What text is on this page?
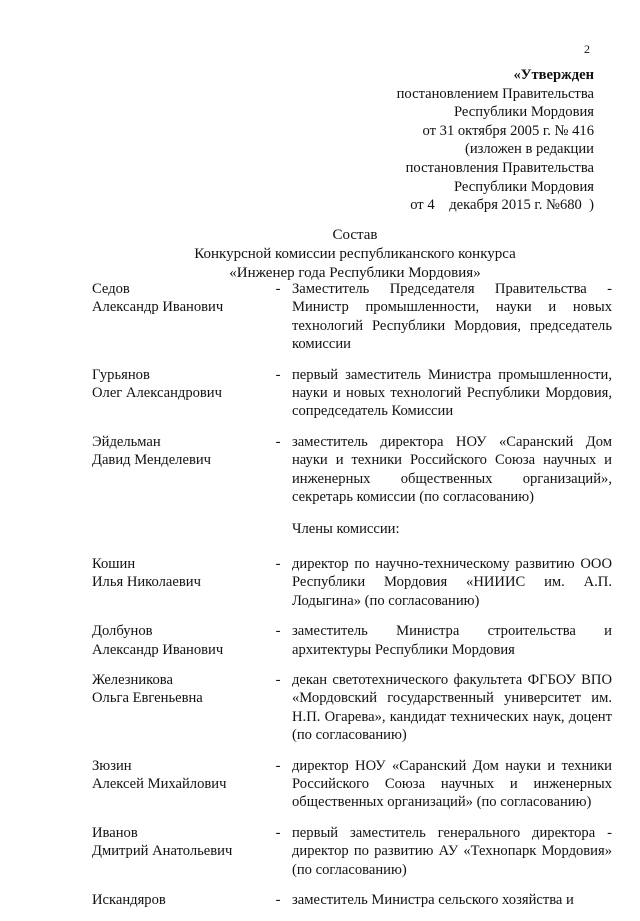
2
«Утвержден
постановлением Правительства
Республики Мордовия
от 31 октября 2005 г. № 416
(изложен в редакции
постановления Правительства
Республики Мордовия
от 4    декабря 2015 г. №680  )
Состав
Конкурсной комиссии республиканского конкурса
«Инженер года Республики Мордовия»
Седов
Александр Иванович
- Заместитель Председателя Правительства - Министр промышленности, науки и новых технологий Республики Мордовия, председатель комиссии
Гурьянов
Олег Александрович
- первый заместитель Министра промышленности, науки и новых технологий Республики Мордовия, сопредседатель Комиссии
Эйдельман
Давид Менделевич
- заместитель директора НОУ «Саранский Дом науки и техники Российского Союза научных и инженерных общественных организаций», секретарь комиссии (по согласованию)
Члены комиссии:
Кошин
Илья Николаевич
- директор по научно-техническому развитию ООО Республики Мордовия «НИИИС им. А.П. Лодыгина» (по согласованию)
Долбунов
Александр Иванович
- заместитель Министра строительства и архитектуры Республики Мордовия
Железникова
Ольга Евгеньевна
- декан светотехнического факультета ФГБОУ ВПО «Мордовский государственный университет им. Н.П. Огарева», кандидат технических наук, доцент (по согласованию)
Зюзин
Алексей Михайлович
- директор НОУ «Саранский Дом науки и техники Российского Союза научных и инженерных общественных организаций» (по согласованию)
Иванов
Дмитрий Анатольевич
- первый заместитель генерального директора - директор по развитию АУ «Технопарк Мордовия» (по согласованию)
Искандяров	- заместитель Министра сельского хозяйства и
